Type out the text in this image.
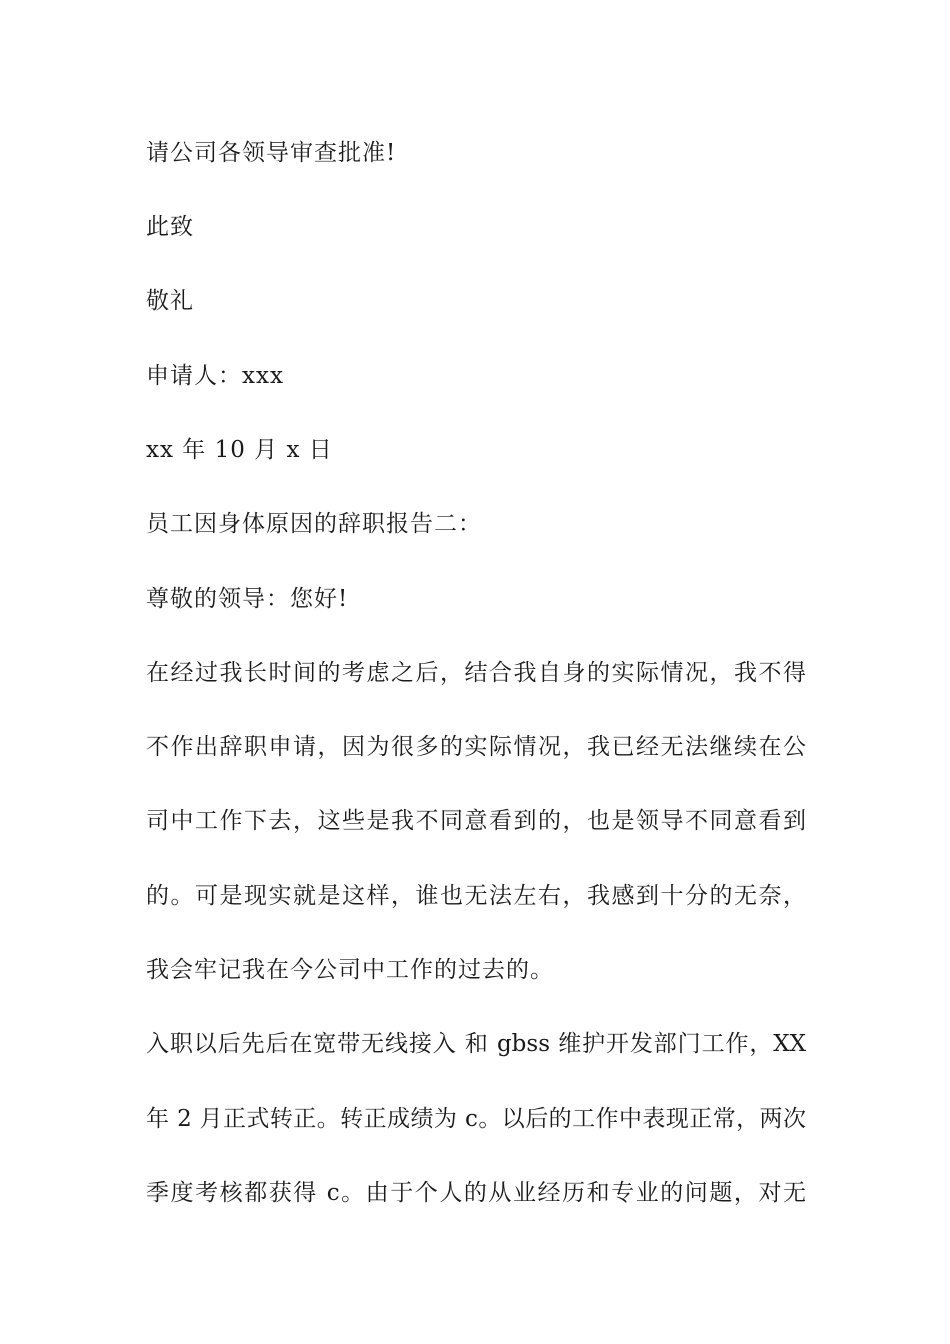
请公司各领导审查批准!

此致

敬礼

申请人：xxx

xx 年 10 月 x 日

员工因身体原因的辞职报告二：

尊敬的领导：您好!

在经过我长时间的考虑之后，结合我自身的实际情况，我不得

不作出辞职申请，因为很多的实际情况，我已经无法继续在公

司中工作下去，这些是我不同意看到的，也是领导不同意看到

的。可是现实就是这样，谁也无法左右，我感到十分的无奈，

我会牢记我在今公司中工作的过去的。

入职以后先后在宽带无线接入 和 gbss 维护开发部门工作，XX

年 2 月正式转正。转正成绩为 c。以后的工作中表现正常，两次

季度考核都获得 c。由于个人的从业经历和专业的问题，对无
